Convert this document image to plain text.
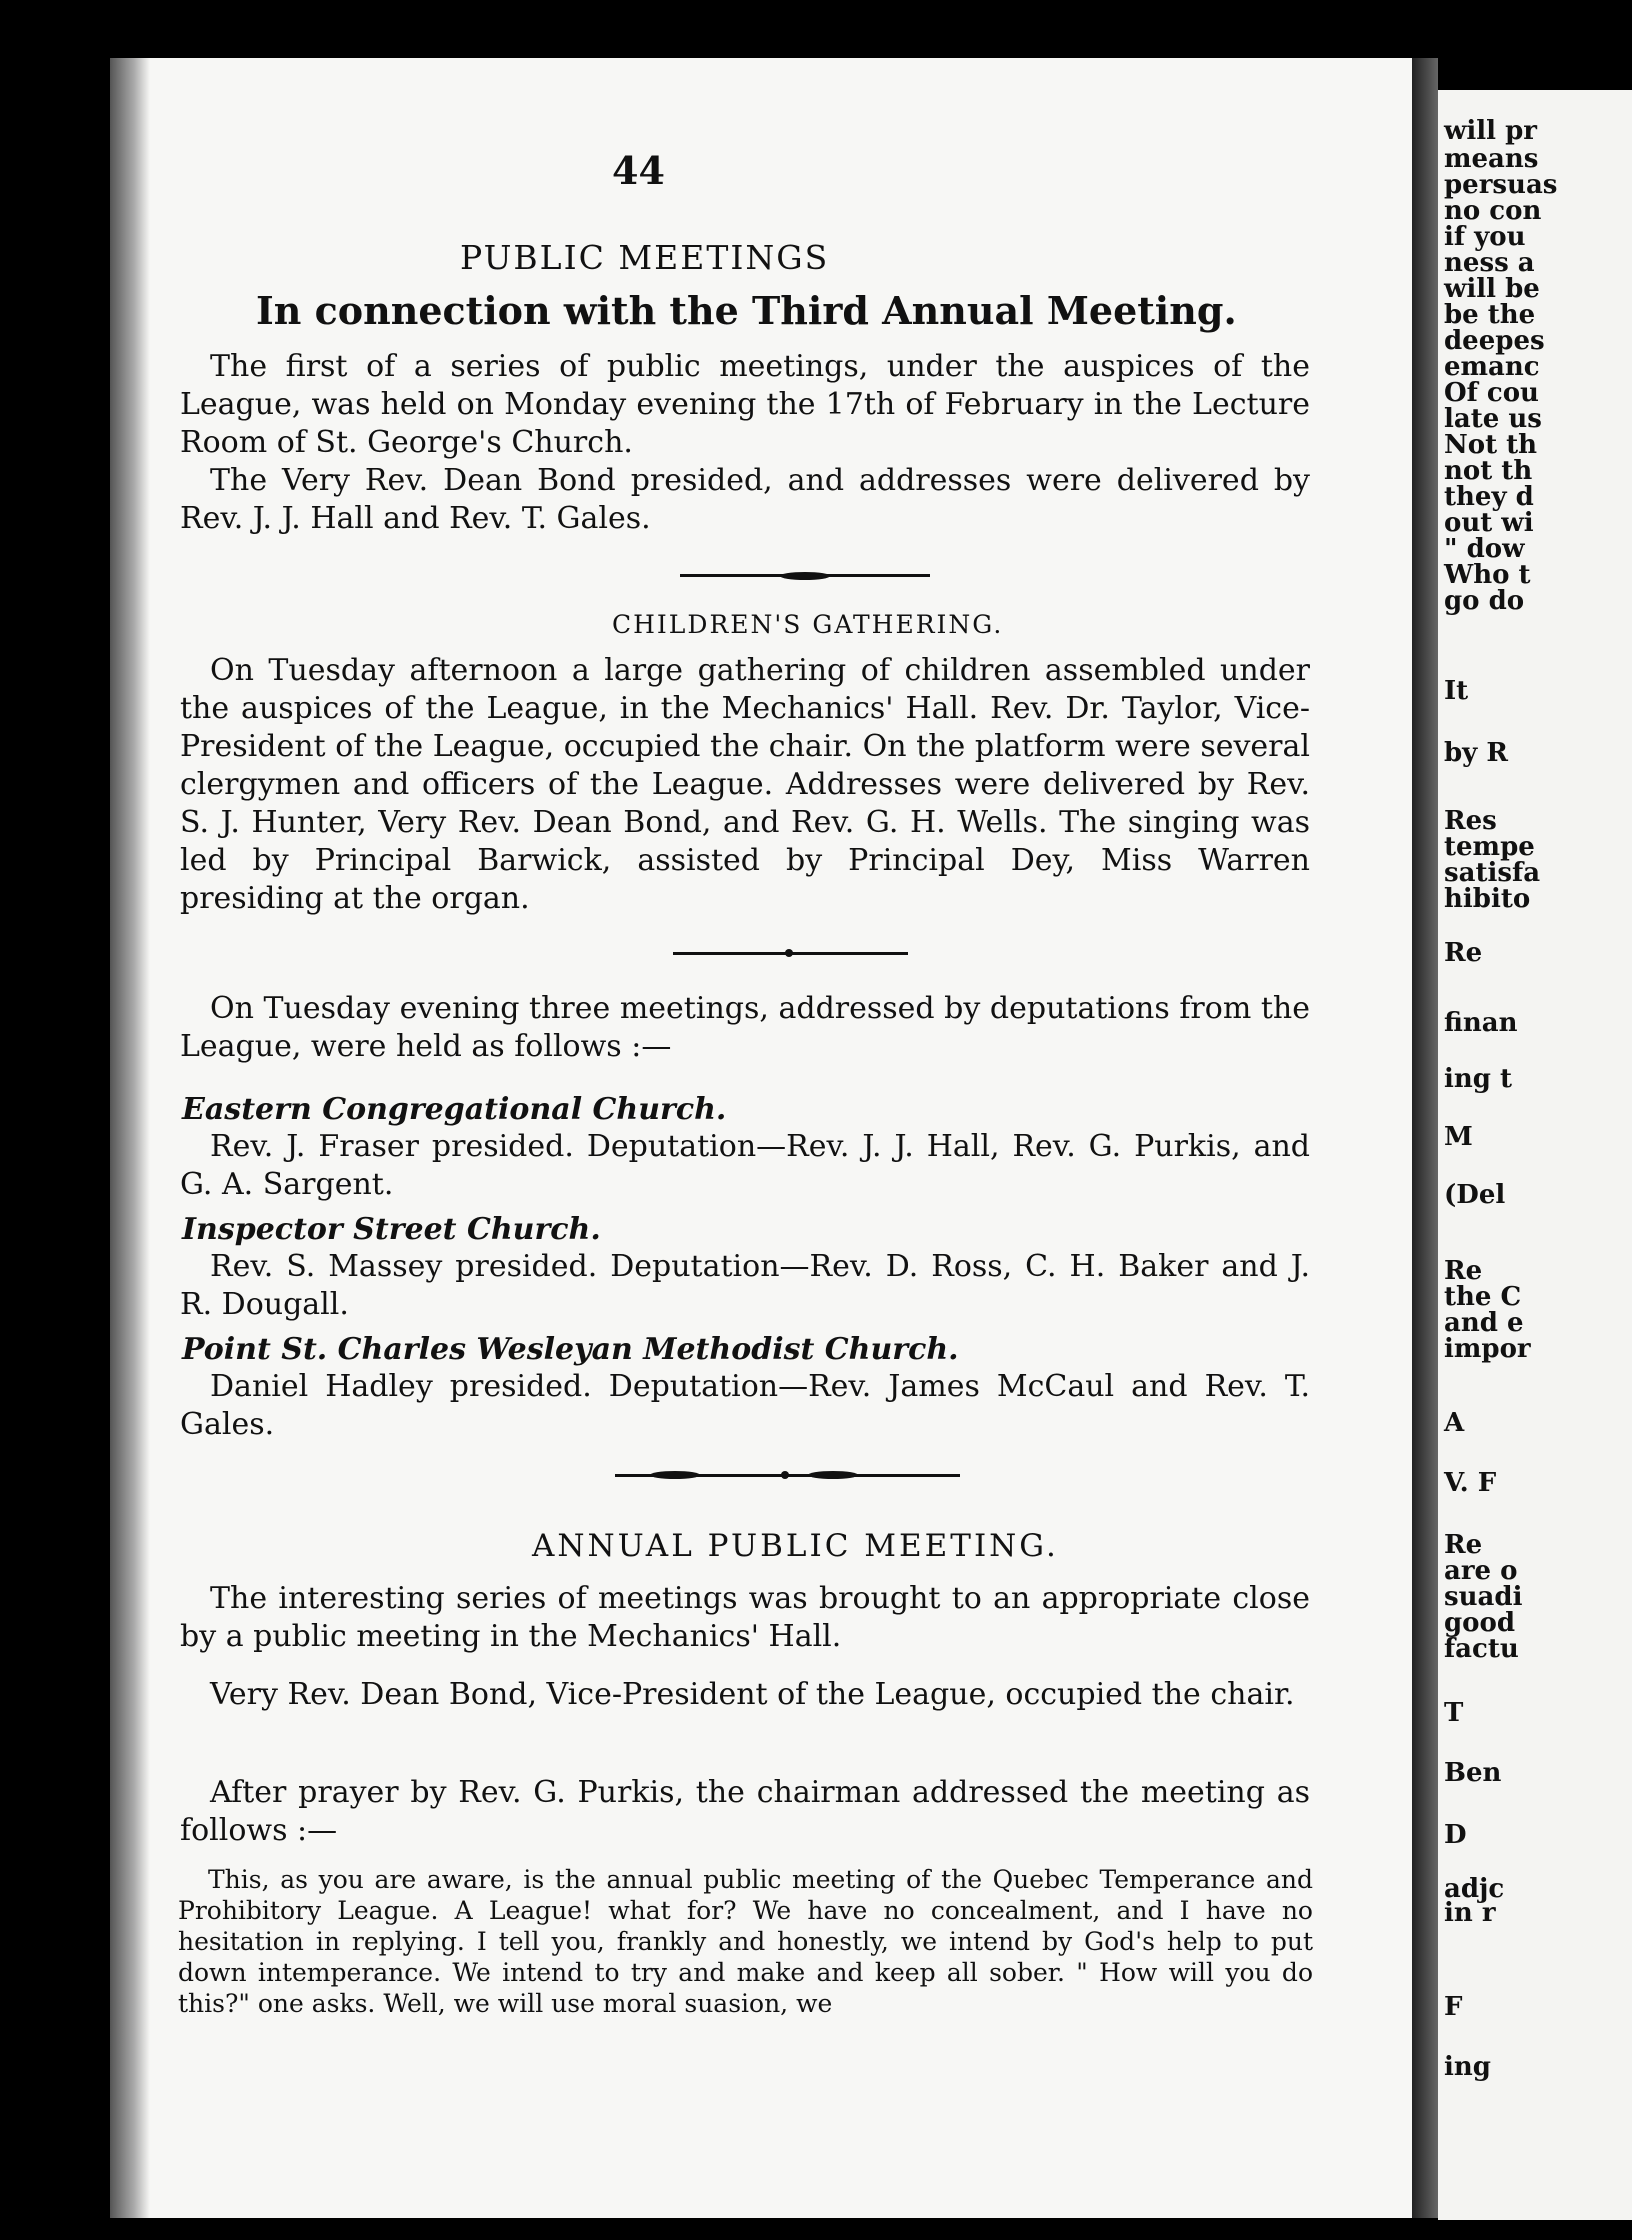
44
PUBLIC MEETINGS
In connection with the Third Annual Meeting.
The first of a series of public meetings, under the auspices of the League, was held on Monday evening the 17th of February in the Lecture Room of St. George's Church.
The Very Rev. Dean Bond presided, and addresses were delivered by Rev. J. J. Hall and Rev. T. Gales.
CHILDREN'S GATHERING.
On Tuesday afternoon a large gathering of children assembled under the auspices of the League, in the Mechanics' Hall. Rev. Dr. Taylor, Vice-President of the League, occupied the chair. On the platform were several clergymen and officers of the League. Addresses were delivered by Rev. S. J. Hunter, Very Rev. Dean Bond, and Rev. G. H. Wells. The singing was led by Principal Barwick, assisted by Principal Dey, Miss Warren presiding at the organ.
On Tuesday evening three meetings, addressed by deputations from the League, were held as follows :—
Eastern Congregational Church.
Rev. J. Fraser presided. Deputation—Rev. J. J. Hall, Rev. G. Purkis, and G. A. Sargent.
Inspector Street Church.
Rev. S. Massey presided. Deputation—Rev. D. Ross, C. H. Baker and J. R. Dougall.
Point St. Charles Wesleyan Methodist Church.
Daniel Hadley presided. Deputation—Rev. James McCaul and Rev. T. Gales.
ANNUAL PUBLIC MEETING.
The interesting series of meetings was brought to an appropriate close by a public meeting in the Mechanics' Hall.
Very Rev. Dean Bond, Vice-President of the League, occupied the chair.
After prayer by Rev. G. Purkis, the chairman addressed the meeting as follows :—
This, as you are aware, is the annual public meeting of the Quebec Temperance and Prohibitory League. A League! what for? We have no concealment, and I have no hesitation in replying. I tell you, frankly and honestly, we intend by God's help to put down intemperance. We intend to try and make and keep all sober. " How will you do this?" one asks. Well, we will use moral suasion, we
will pr
means
persuas
no con
if you
ness a
will be
be the
deepes
emanc
Of cou
late us
Not th
not th
they d
out wi
" dow
Who t
go do
It
by R
Res
tempe
satisfa
hibito
Re
finan
ing t
M
(Del
Re
the C
and e
impor
A
V. F
Re
are o
suadi
good
factu
T
Ben
D
adjc
in r
F
ing
